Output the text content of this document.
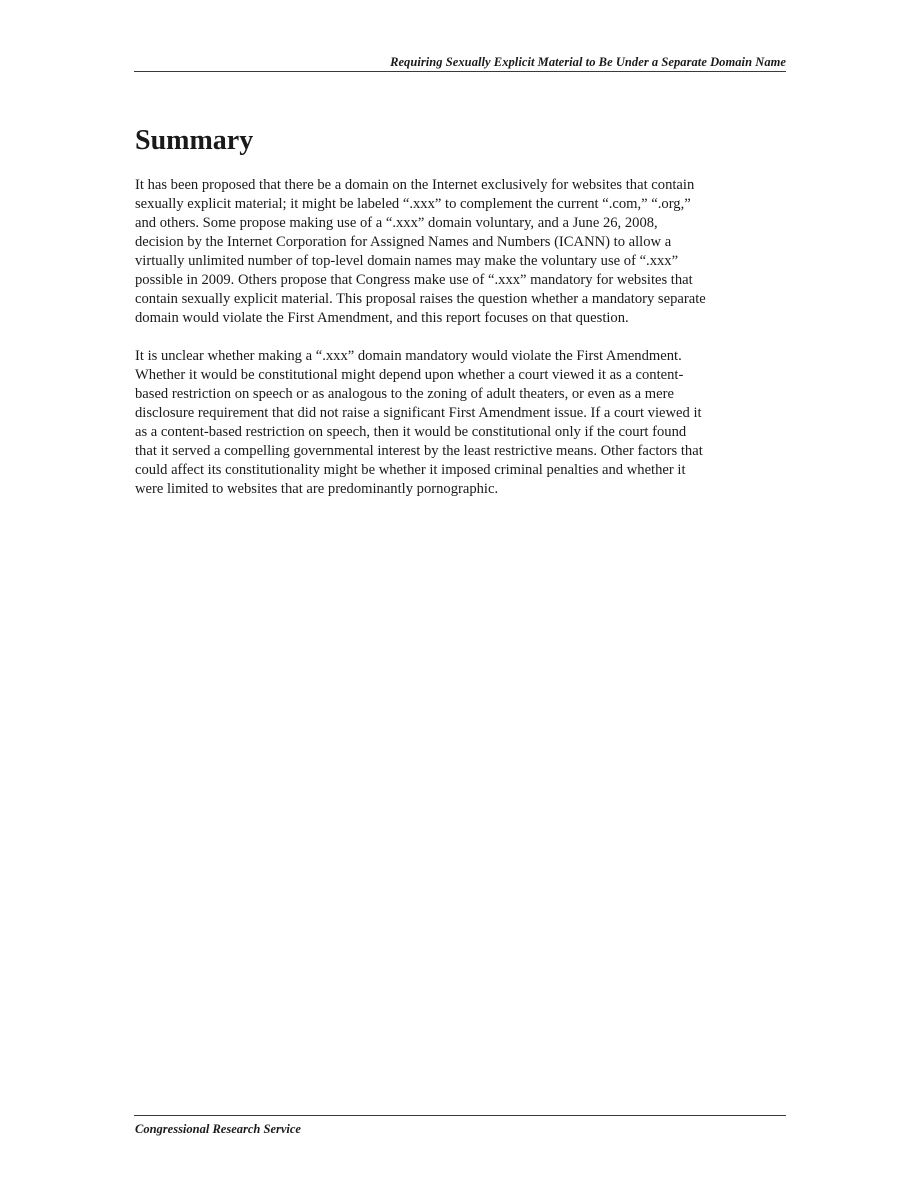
Requiring Sexually Explicit Material to Be Under a Separate Domain Name
Summary

It has been proposed that there be a domain on the Internet exclusively for websites that contain
sexually explicit material; it might be labeled “.xxx” to complement the current “.com,” “.org,”
and others. Some propose making use of a “.xxx” domain voluntary, and a June 26, 2008,
decision by the Internet Corporation for Assigned Names and Numbers (ICANN) to allow a
virtually unlimited number of top-level domain names may make the voluntary use of “.xxx”
possible in 2009. Others propose that Congress make use of “.xxx” mandatory for websites that
contain sexually explicit material. This proposal raises the question whether a mandatory separate
domain would violate the First Amendment, and this report focuses on that question.

It is unclear whether making a “.xxx” domain mandatory would violate the First Amendment.
Whether it would be constitutional might depend upon whether a court viewed it as a content-
based restriction on speech or as analogous to the zoning of adult theaters, or even as a mere
disclosure requirement that did not raise a significant First Amendment issue. If a court viewed it
as a content-based restriction on speech, then it would be constitutional only if the court found
that it served a compelling governmental interest by the least restrictive means. Other factors that
could affect its constitutionality might be whether it imposed criminal penalties and whether it
were limited to websites that are predominantly pornographic.

Congressional Research Service
